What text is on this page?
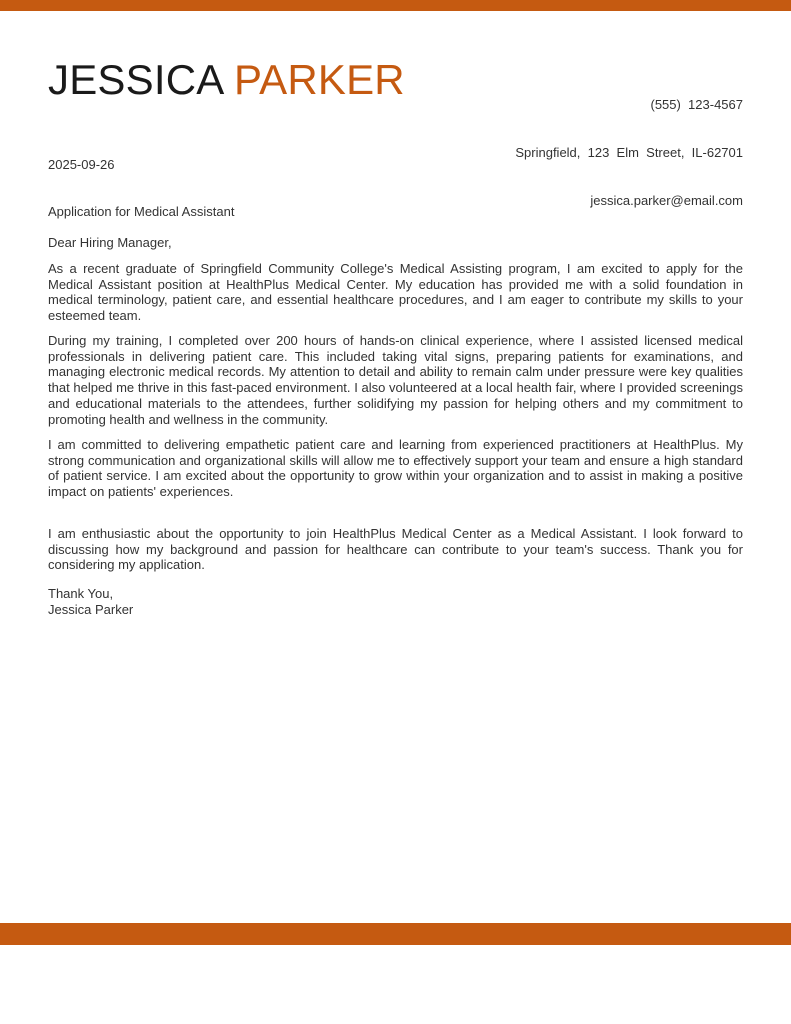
JESSICA PARKER

(555)  123-4567

Springfield,  123  Elm  Street,  IL-62701

jessica.parker@email.com

2025-09-26
Application for Medical Assistant
Dear Hiring Manager,
As a recent graduate of Springfield Community College's Medical Assisting program, I am excited to apply for the Medical Assistant position at HealthPlus Medical Center. My education has provided me with a solid foundation in medical terminology, patient care, and essential healthcare procedures, and I am eager to contribute my skills to your esteemed team.
During my training, I completed over 200 hours of hands-on clinical experience, where I assisted licensed medical professionals in delivering patient care. This included taking vital signs, preparing patients for examinations, and managing electronic medical records. My attention to detail and ability to remain calm under pressure were key qualities that helped me thrive in this fast-paced environment. I also volunteered at a local health fair, where I provided screenings and educational materials to the attendees, further solidifying my passion for helping others and my commitment to promoting health and wellness in the community.
I am committed to delivering empathetic patient care and learning from experienced practitioners at HealthPlus. My strong communication and organizational skills will allow me to effectively support your team and ensure a high standard of patient service. I am excited about the opportunity to grow within your organization and to assist in making a positive impact on patients' experiences.
I am enthusiastic about the opportunity to join HealthPlus Medical Center as a Medical Assistant. I look forward to discussing how my background and passion for healthcare can contribute to your team's success. Thank you for considering my application.
Thank You,
Jessica Parker
